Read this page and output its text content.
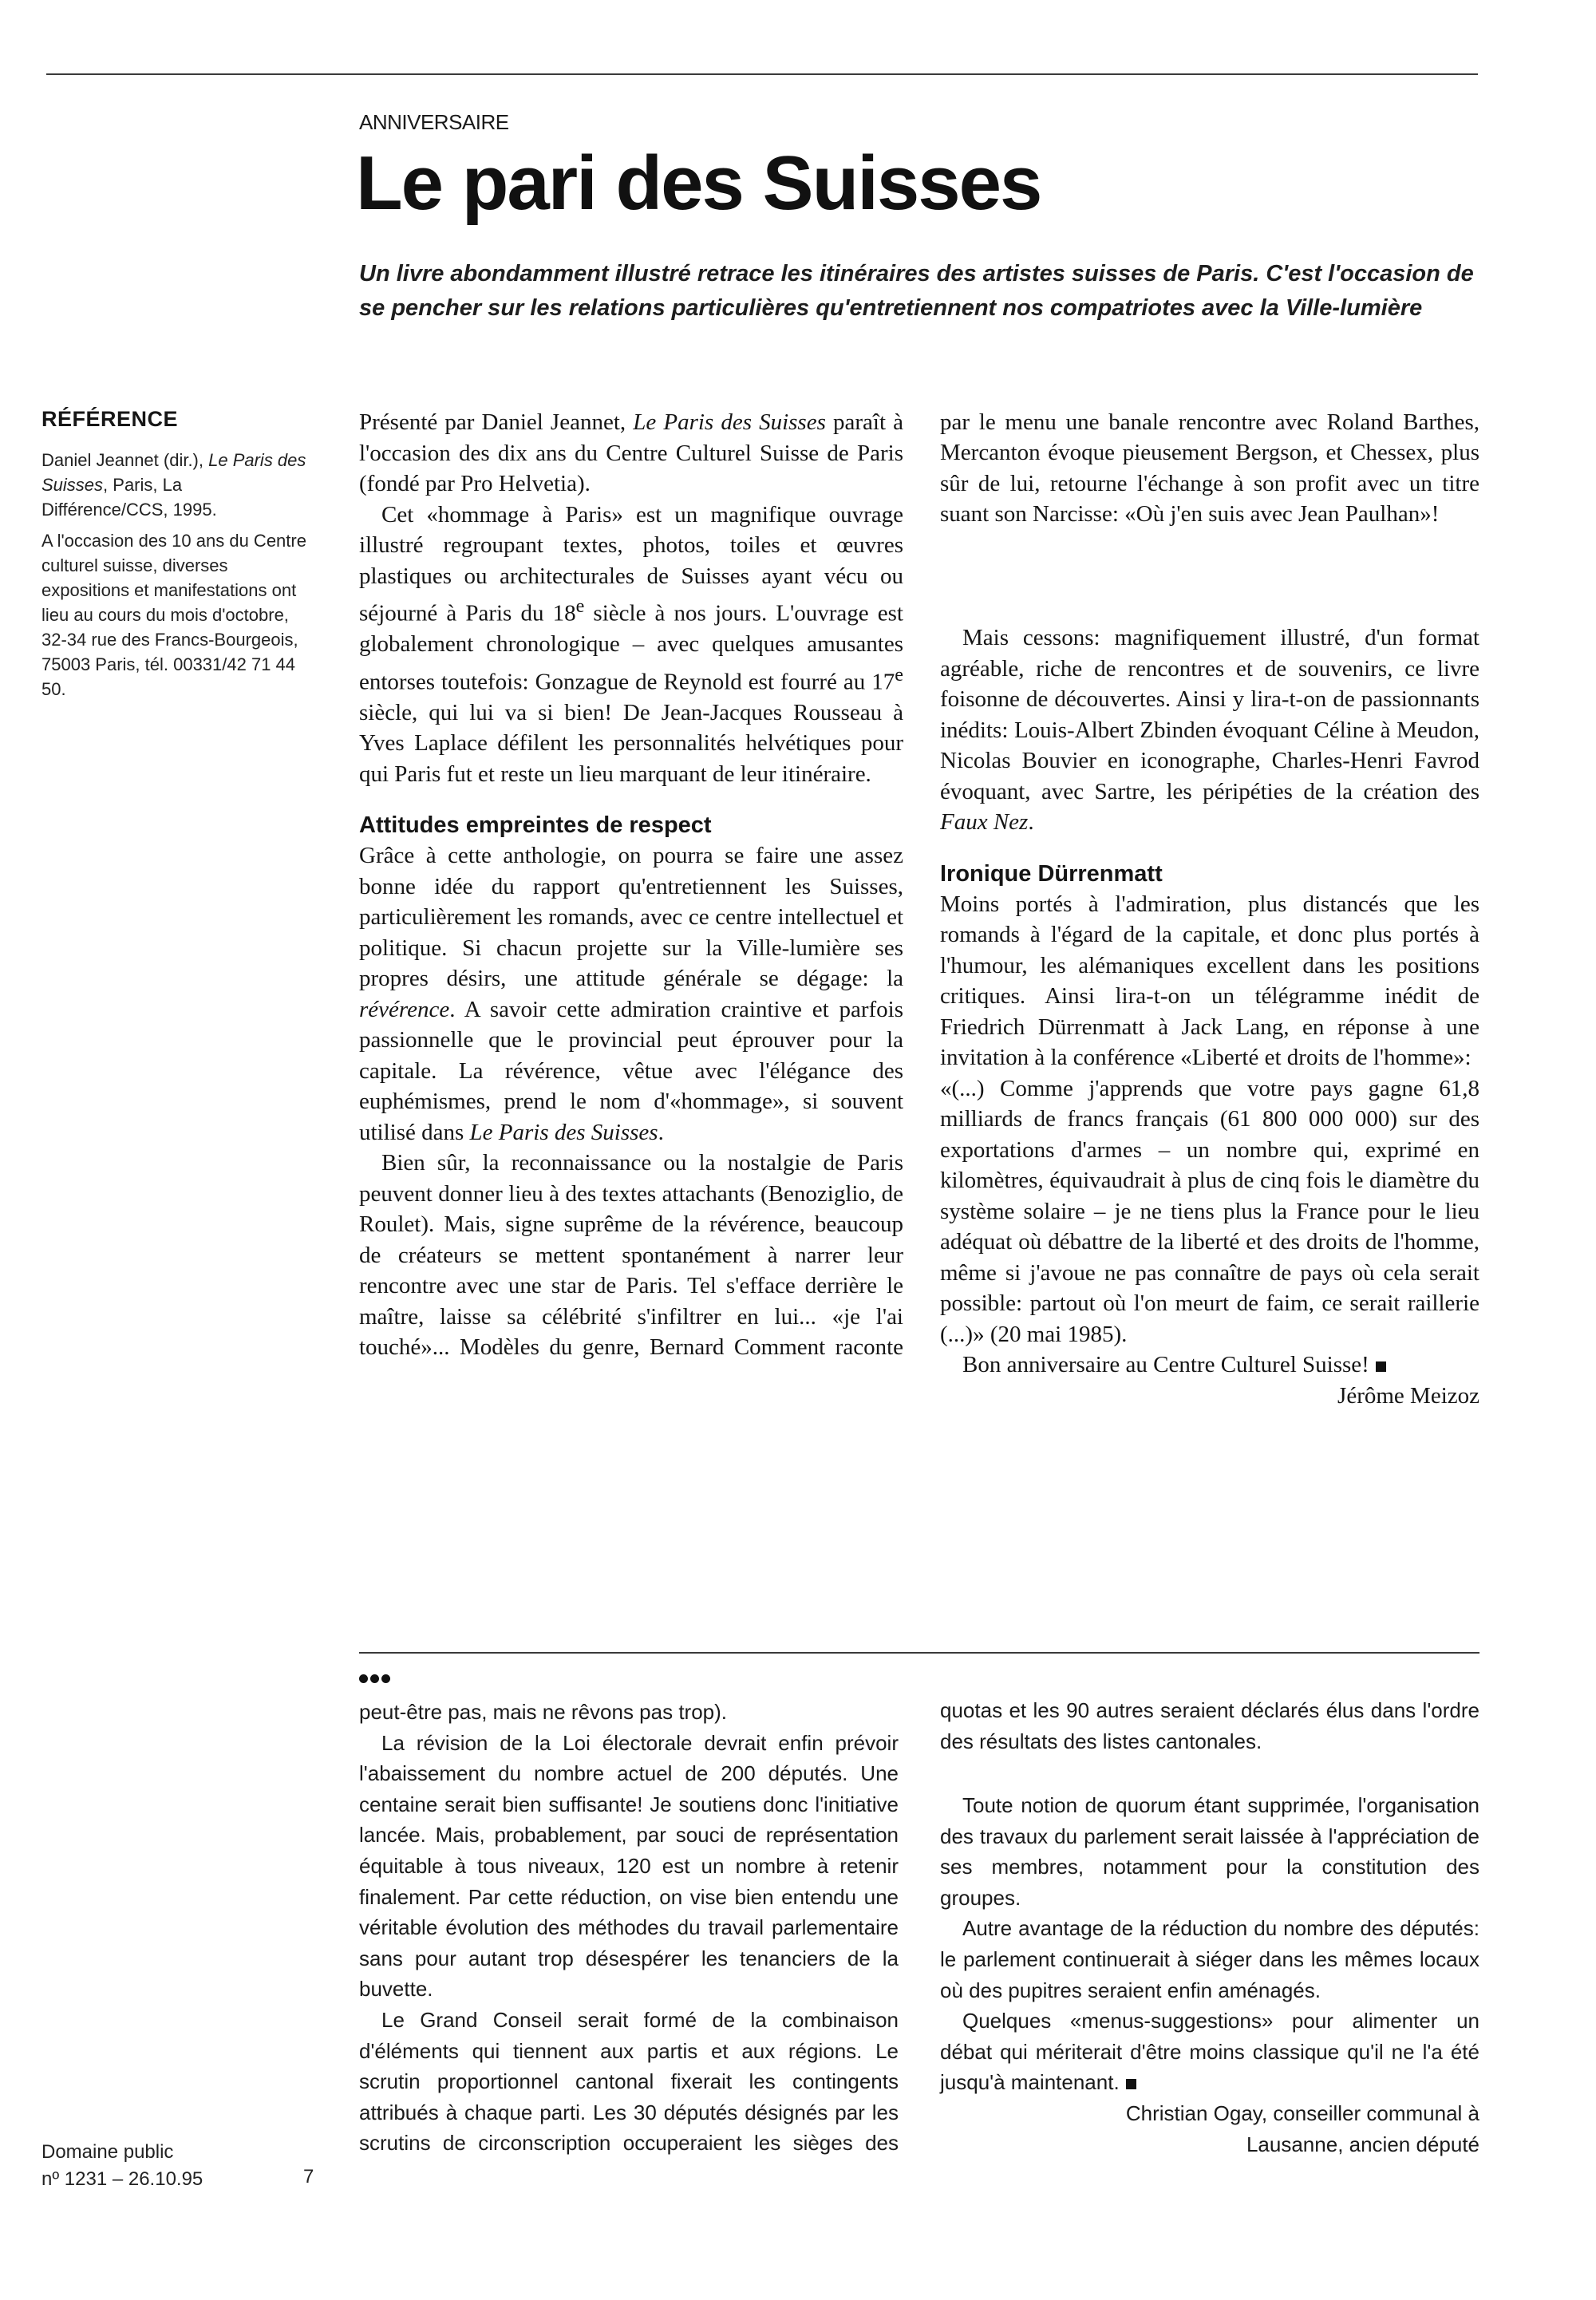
ANNIVERSAIRE
Le pari des Suisses

Un livre abondamment illustré retrace les itinéraires des artistes suisses de Paris. C'est l'occasion de se pencher sur les relations particulières qu'entretiennent nos compatriotes avec la Ville-lumière

RÉFÉRENCE

Daniel Jeannet (dir.), Le Paris des Suisses, Paris, La Différence/CCS, 1995.

A l'occasion des 10 ans du Centre culturel suisse, diverses expositions et manifestations ont lieu au cours du mois d'octobre, 32-34 rue des Francs-Bourgeois, 75003 Paris, tél. 00331/42 71 44 50.

Présenté par Daniel Jeannet, Le Paris des Suisses paraît à l'occasion des dix ans du Centre Culturel Suisse de Paris (fondé par Pro Helvetia).

Cet «hommage à Paris» est un magnifique ouvrage illustré regroupant textes, photos, toiles et œuvres plastiques ou architecturales de Suisses ayant vécu ou séjourné à Paris du 18e siècle à nos jours. L'ouvrage est globalement chronologique – avec quelques amusantes entorses toutefois: Gonzague de Reynold est fourré au 17e siècle, qui lui va si bien! De Jean-Jacques Rousseau à Yves Laplace défilent les personnalités helvétiques pour qui Paris fut et reste un lieu marquant de leur itinéraire.

Attitudes empreintes de respect

Grâce à cette anthologie, on pourra se faire une assez bonne idée du rapport qu'entretiennent les Suisses, particulièrement les romands, avec ce centre intellectuel et politique. Si chacun projette sur la Ville-lumière ses propres désirs, une attitude générale se dégage: la révérence. A savoir cette admiration craintive et parfois passionnelle que le provincial peut éprouver pour la capitale. La révérence, vêtue avec l'élégance des euphémismes, prend le nom d'«hommage», si souvent utilisé dans Le Paris des Suisses.

Bien sûr, la reconnaissance ou la nostalgie de Paris peuvent donner lieu à des textes attachants (Benoziglio, de Roulet). Mais, signe suprême de la révérence, beaucoup de créateurs se mettent spontanément à narrer leur rencontre avec une star de Paris. Tel s'efface derrière le maître, laisse sa célébrité s'infiltrer en lui... «je l'ai touché»... Modèles du genre, Bernard Comment raconte

par le menu une banale rencontre avec Roland Barthes, Mercanton évoque pieusement Bergson, et Chessex, plus sûr de lui, retourne l'échange à son profit avec un titre suant son Narcisse: «Où j'en suis avec Jean Paulhan»!

Mais cessons: magnifiquement illustré, d'un format agréable, riche de rencontres et de souvenirs, ce livre foisonne de découvertes. Ainsi y lira-t-on de passionnants inédits: Louis-Albert Zbinden évoquant Céline à Meudon, Nicolas Bouvier en iconographe, Charles-Henri Favrod évoquant, avec Sartre, les péripéties de la création des Faux Nez.

Ironique Dürrenmatt

Moins portés à l'admiration, plus distancés que les romands à l'égard de la capitale, et donc plus portés à l'humour, les alémaniques excellent dans les positions critiques. Ainsi lira-t-on un télégramme inédit de Friedrich Dürrenmatt à Jack Lang, en réponse à une invitation à la conférence «Liberté et droits de l'homme»:

«(...) Comme j'apprends que votre pays gagne 61,8 milliards de francs français (61 800 000 000) sur des exportations d'armes – un nombre qui, exprimé en kilomètres, équivaudrait à plus de cinq fois le diamètre du système solaire – je ne tiens plus la France pour le lieu adéquat où débattre de la liberté et des droits de l'homme, même si j'avoue ne pas connaître de pays où cela serait possible: partout où l'on meurt de faim, ce serait raillerie (...)» (20 mai 1985).

Bon anniversaire au Centre Culturel Suisse!

Jérôme Meizoz

peut-être pas, mais ne rêvons pas trop).

La révision de la Loi électorale devrait enfin prévoir l'abaissement du nombre actuel de 200 députés. Une centaine serait bien suffisante! Je soutiens donc l'initiative lancée. Mais, probablement, par souci de représentation équitable à tous niveaux, 120 est un nombre à retenir finalement. Par cette réduction, on vise bien entendu une véritable évolution des méthodes du travail parlementaire sans pour autant trop désespérer les tenanciers de la buvette.

Le Grand Conseil serait formé de la combinaison d'éléments qui tiennent aux partis et aux régions. Le scrutin proportionnel cantonal fixerait les contingents attribués à chaque parti. Les 30 députés désignés par les scrutins de circonscription occuperaient les sièges des

quotas et les 90 autres seraient déclarés élus dans l'ordre des résultats des listes cantonales.

Toute notion de quorum étant supprimée, l'organisation des travaux du parlement serait laissée à l'appréciation de ses membres, notamment pour la constitution des groupes.

Autre avantage de la réduction du nombre des députés: le parlement continuerait à siéger dans les mêmes locaux où des pupitres seraient enfin aménagés.

Quelques «menus-suggestions» pour alimenter un débat qui mériterait d'être moins classique qu'il ne l'a été jusqu'à maintenant.

Christian Ogay, conseiller communal à

Lausanne, ancien député

Domaine public
nº 1231 – 26.10.95	7
